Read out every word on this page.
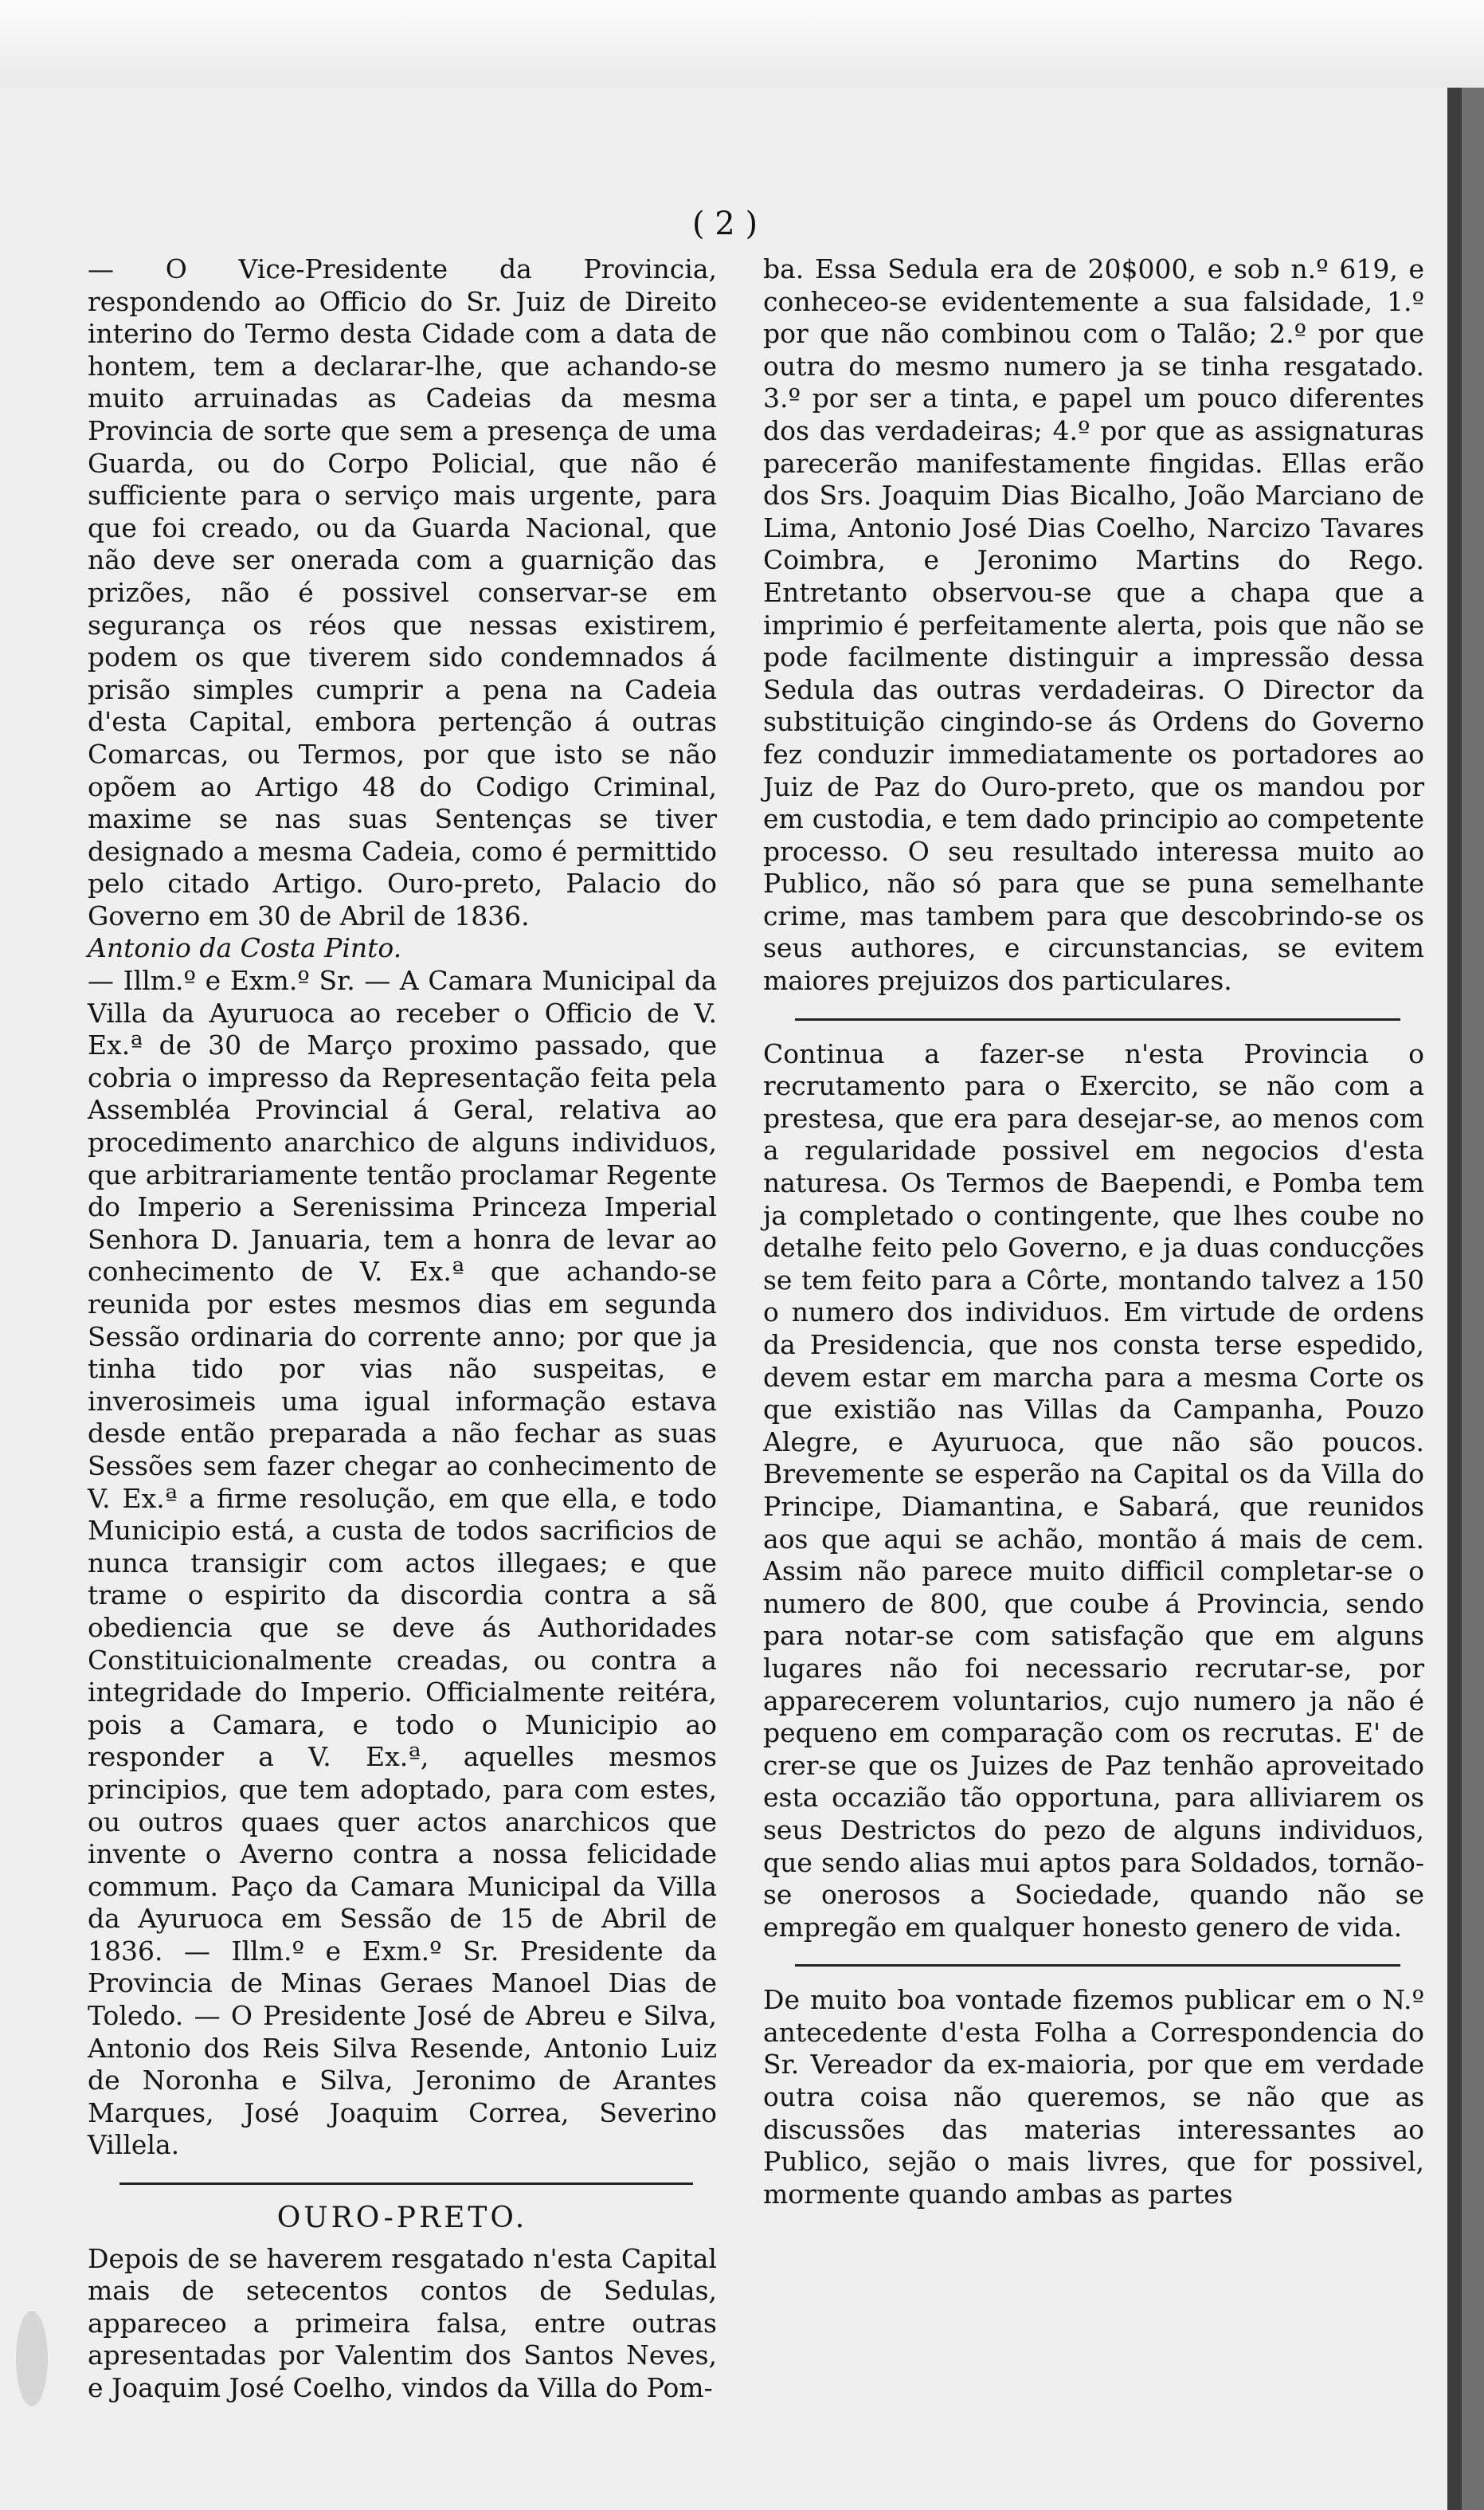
( 2 )

— O Vice-Presidente da Provincia, respondendo ao Officio do Sr. Juiz de Direito interino do Termo desta Cidade com a data de hontem, tem a declarar-lhe, que achando-se muito arruinadas as Cadeias da mesma Provincia de sorte que sem a presença de uma Guarda, ou do Corpo Policial, que não é sufficiente para o serviço mais urgente, para que foi creado, ou da Guarda Nacional, que não deve ser onerada com a guarnição das prizões, não é possivel conservar-se em segurança os réos que nessas existirem, podem os que tiverem sido condemnados á prisão simples cumprir a pena na Cadeia d'esta Capital, embora pertenção á outras Comarcas, ou Termos, por que isto se não opõem ao Artigo 48 do Codigo Criminal, maxime se nas suas Sentenças se tiver designado a mesma Cadeia, como é permittido pelo citado Artigo. Ouro-preto, Palacio do Governo em 30 de Abril de 1836.

Antonio da Costa Pinto.

— Illm.º e Exm.º Sr. — A Camara Municipal da Villa da Ayuruoca ao receber o Officio de V. Ex.ª de 30 de Março proximo passado, que cobria o impresso da Representação feita pela Assembléa Provincial á Geral, relativa ao procedimento anarchico de alguns individuos, que arbitrariamente tentão proclamar Regente do Imperio a Serenissima Princeza Imperial Senhora D. Januaria, tem a honra de levar ao conhecimento de V. Ex.ª que achando-se reunida por estes mesmos dias em segunda Sessão ordinaria do corrente anno; por que ja tinha tido por vias não suspeitas, e inverosimeis uma igual informação estava desde então preparada a não fechar as suas Sessões sem fazer chegar ao conhecimento de V. Ex.ª a firme resolução, em que ella, e todo Municipio está, a custa de todos sacrificios de nunca transigir com actos illegaes; e que trame o espirito da discordia contra a sã obediencia que se deve ás Authoridades Constituicionalmente creadas, ou contra a integridade do Imperio. Officialmente reitéra, pois a Camara, e todo o Municipio ao responder a V. Ex.ª, aquelles mesmos principios, que tem adoptado, para com estes, ou outros quaes quer actos anarchicos que invente o Averno contra a nossa felicidade commum. Paço da Camara Municipal da Villa da Ayuruoca em Sessão de 15 de Abril de 1836. — Illm.º e Exm.º Sr. Presidente da Provincia de Minas Geraes Manoel Dias de Toledo. — O Presidente José de Abreu e Silva, Antonio dos Reis Silva Resende, Antonio Luiz de Noronha e Silva, Jeronimo de Arantes Marques, José Joaquim Correa, Severino Villela.

OURO-PRETO.

Depois de se haverem resgatado n'esta Capital mais de setecentos contos de Sedulas, appareceo a primeira falsa, entre outras apresentadas por Valentim dos Santos Neves, e Joaquim José Coelho, vindos da Villa do Pom-

ba. Essa Sedula era de 20$000, e sob n.º 619, e conheceo-se evidentemente a sua falsidade, 1.º por que não combinou com o Talão; 2.º por que outra do mesmo numero ja se tinha resgatado. 3.º por ser a tinta, e papel um pouco diferentes dos das verdadeiras; 4.º por que as assignaturas parecerão manifestamente fingidas. Ellas erão dos Srs. Joaquim Dias Bicalho, João Marciano de Lima, Antonio José Dias Coelho, Narcizo Tavares Coimbra, e Jeronimo Martins do Rego. Entretanto observou-se que a chapa que a imprimio é perfeitamente alerta, pois que não se pode facilmente distinguir a impressão dessa Sedula das outras verdadeiras. O Director da substituição cingindo-se ás Ordens do Governo fez conduzir immediatamente os portadores ao Juiz de Paz do Ouro-preto, que os mandou por em custodia, e tem dado principio ao competente processo. O seu resultado interessa muito ao Publico, não só para que se puna semelhante crime, mas tambem para que descobrindo-se os seus authores, e circunstancias, se evitem maiores prejuizos dos particulares.

Continua a fazer-se n'esta Provincia o recrutamento para o Exercito, se não com a prestesa, que era para desejar-se, ao menos com a regularidade possivel em negocios d'esta naturesa. Os Termos de Baependi, e Pomba tem ja completado o contingente, que lhes coube no detalhe feito pelo Governo, e ja duas conducções se tem feito para a Côrte, montando talvez a 150 o numero dos individuos. Em virtude de ordens da Presidencia, que nos consta terse espedido, devem estar em marcha para a mesma Corte os que existião nas Villas da Campanha, Pouzo Alegre, e Ayuruoca, que não são poucos. Brevemente se esperão na Capital os da Villa do Principe, Diamantina, e Sabará, que reunidos aos que aqui se achão, montão á mais de cem. Assim não parece muito difficil completar-se o numero de 800, que coube á Provincia, sendo para notar-se com satisfação que em alguns lugares não foi necessario recrutar-se, por apparecerem voluntarios, cujo numero ja não é pequeno em comparação com os recrutas. E' de crer-se que os Juizes de Paz tenhão aproveitado esta occazião tão opportuna, para alliviarem os seus Destrictos do pezo de alguns individuos, que sendo alias mui aptos para Soldados, tornão-se onerosos a Sociedade, quando não se empregão em qualquer honesto genero de vida.

De muito boa vontade fizemos publicar em o N.º antecedente d'esta Folha a Correspondencia do Sr. Vereador da ex-maioria, por que em verdade outra coisa não queremos, se não que as discussões das materias interessantes ao Publico, sejão o mais livres, que for possivel, mormente quando ambas as partes
